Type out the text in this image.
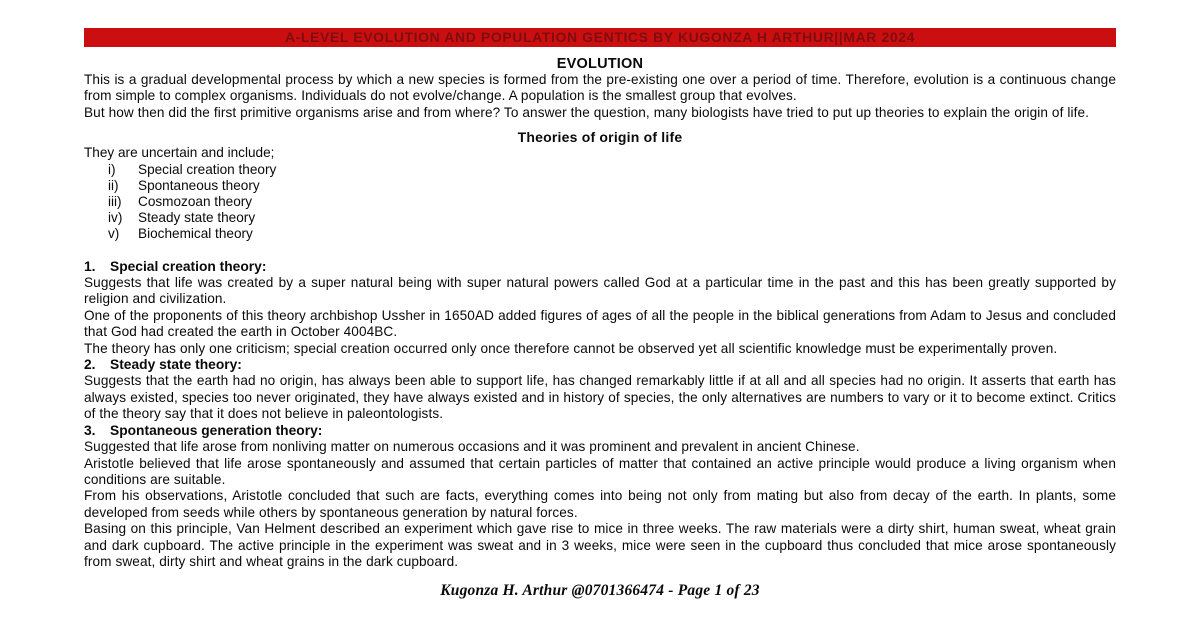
A-LEVEL EVOLUTION AND POPULATION GENTICS BY KUGONZA H ARTHUR||MAR 2024
EVOLUTION

This is a gradual developmental process by which a new species is formed from the pre-existing one over a period of time. Therefore, evolution is a continuous change from simple to complex organisms. Individuals do not evolve/change. A population is the smallest group that evolves.

But how then did the first primitive organisms arise and from where? To answer the question, many biologists have tried to put up theories to explain the origin of life.

Theories of origin of life
They are uncertain and include;
i)	Special creation theory
ii)	Spontaneous theory
iii)	Cosmozoan theory
iv)	Steady state theory
v)	Biochemical theory
1.	Special creation theory:

Suggests that life was created by a super natural being with super natural powers called God at a particular time in the past and this has been greatly supported by religion and civilization.

One of the proponents of this theory archbishop Ussher in 1650AD added figures of ages of all the people in the biblical generations from Adam to Jesus and concluded that God had created the earth in October 4004BC.

The theory has only one criticism; special creation occurred only once therefore cannot be observed yet all scientific knowledge must be experimentally proven.

2.	Steady state theory:

Suggests that the earth had no origin, has always been able to support life, has changed remarkably little if at all and all species had no origin. It asserts that earth has always existed, species too never originated, they have always existed and in history of species, the only alternatives are numbers to vary or it to become extinct. Critics of the theory say that it does not believe in paleontologists.

3.	Spontaneous generation theory:

Suggested that life arose from nonliving matter on numerous occasions and it was prominent and prevalent in ancient Chinese.

Aristotle believed that life arose spontaneously and assumed that certain particles of matter that contained an active principle would produce a living organism when conditions are suitable.

From his observations, Aristotle concluded that such are facts, everything comes into being not only from mating but also from decay of the earth. In plants, some developed from seeds while others by spontaneous generation by natural forces.

Basing on this principle, Van Helment described an experiment which gave rise to mice in three weeks. The raw materials were a dirty shirt, human sweat, wheat grain and dark cupboard. The active principle in the experiment was sweat and in 3 weeks, mice were seen in the cupboard thus concluded that mice arose spontaneously from sweat, dirty shirt and wheat grains in the dark cupboard.

Kugonza H. Arthur @0701366474 - Page 1 of 23
